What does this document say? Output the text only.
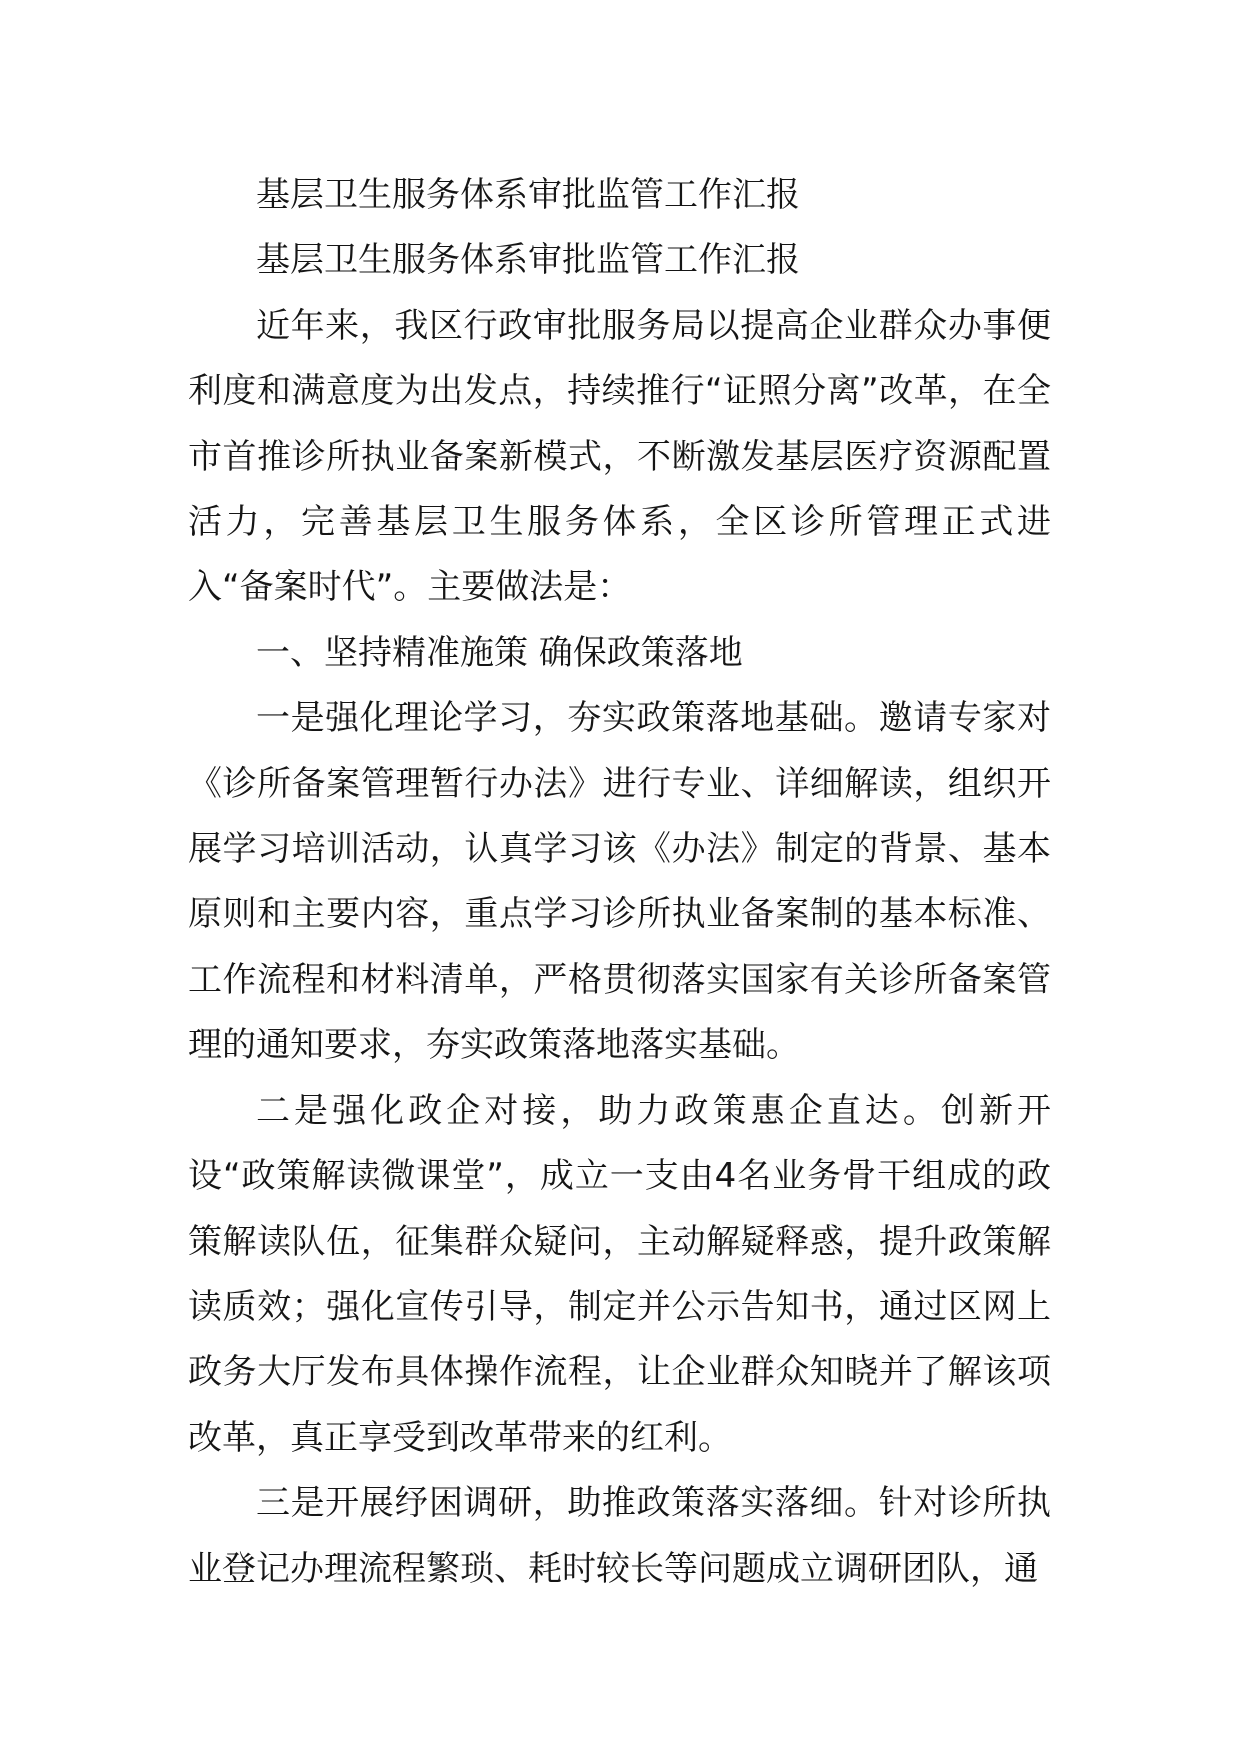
基层卫生服务体系审批监管工作汇报

基层卫生服务体系审批监管工作汇报

近年来，我区行政审批服务局以提高企业群众办事便利度和满意度为出发点，持续推行“证照分离”改革，在全市首推诊所执业备案新模式，不断激发基层医疗资源配置活力，完善基层卫生服务体系，全区诊所管理正式进入“备案时代”。主要做法是：

一、坚持精准施策 确保政策落地

一是强化理论学习，夯实政策落地基础。邀请专家对《诊所备案管理暂行办法》进行专业、详细解读，组织开展学习培训活动，认真学习该《办法》制定的背景、基本原则和主要内容，重点学习诊所执业备案制的基本标准、工作流程和材料清单，严格贯彻落实国家有关诊所备案管理的通知要求，夯实政策落地落实基础。

二是强化政企对接，助力政策惠企直达。创新开设“政策解读微课堂”，成立一支由4名业务骨干组成的政策解读队伍，征集群众疑问，主动解疑释惑，提升政策解读质效；强化宣传引导，制定并公示告知书，通过区网上政务大厅发布具体操作流程，让企业群众知晓并了解该项改革，真正享受到改革带来的红利。

三是开展纾困调研，助推政策落实落细。针对诊所执业登记办理流程繁琐、耗时较长等问题成立调研团队，通
